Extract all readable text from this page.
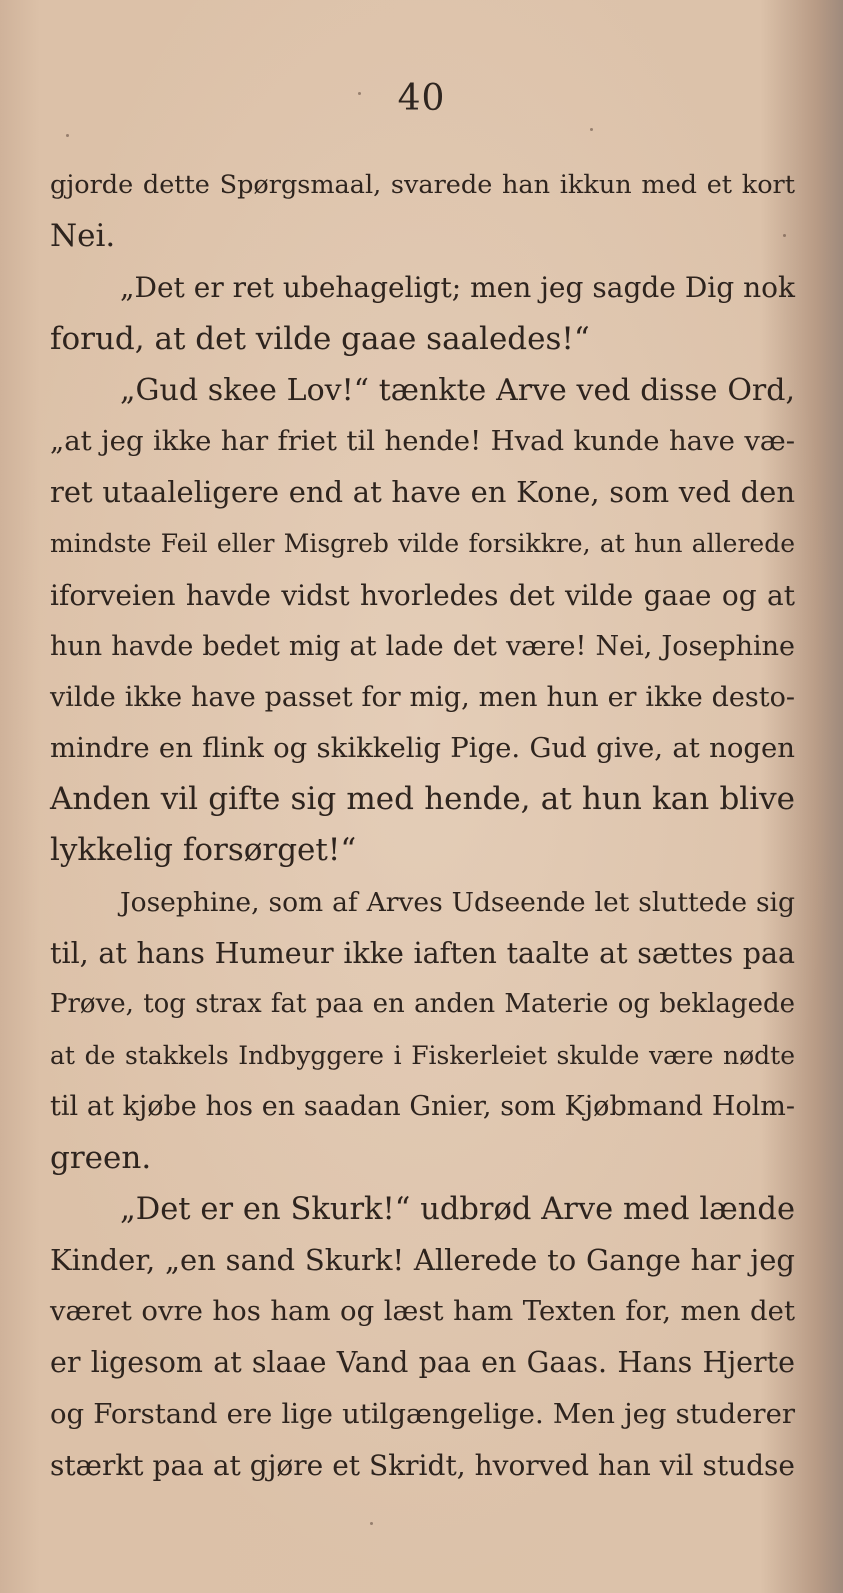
40
gjorde dette Spørgsmaal, svarede han ikkun med et kort
Nei.
„Det er ret ubehageligt; men jeg sagde Dig nok
forud, at det vilde gaae saaledes!“
„Gud skee Lov!“ tænkte Arve ved disse Ord,
„at jeg ikke har friet til hende! Hvad kunde have væ-
ret utaaleligere end at have en Kone, som ved den
mindste Feil eller Misgreb vilde forsikkre, at hun allerede
iforveien havde vidst hvorledes det vilde gaae og at
hun havde bedet mig at lade det være! Nei, Josephine
vilde ikke have passet for mig, men hun er ikke desto-
mindre en flink og skikkelig Pige. Gud give, at nogen
Anden vil gifte sig med hende, at hun kan blive
lykkelig forsørget!“
Josephine, som af Arves Udseende let sluttede sig
til, at hans Humeur ikke iaften taalte at sættes paa
Prøve, tog strax fat paa en anden Materie og beklagede
at de stakkels Indbyggere i Fiskerleiet skulde være nødte
til at kjøbe hos en saadan Gnier, som Kjøbmand Holm-
green.
„Det er en Skurk!“ udbrød Arve med lænde
Kinder, „en sand Skurk! Allerede to Gange har jeg
været ovre hos ham og læst ham Texten for, men det
er ligesom at slaae Vand paa en Gaas. Hans Hjerte
og Forstand ere lige utilgængelige. Men jeg studerer
stærkt paa at gjøre et Skridt, hvorved han vil studse
